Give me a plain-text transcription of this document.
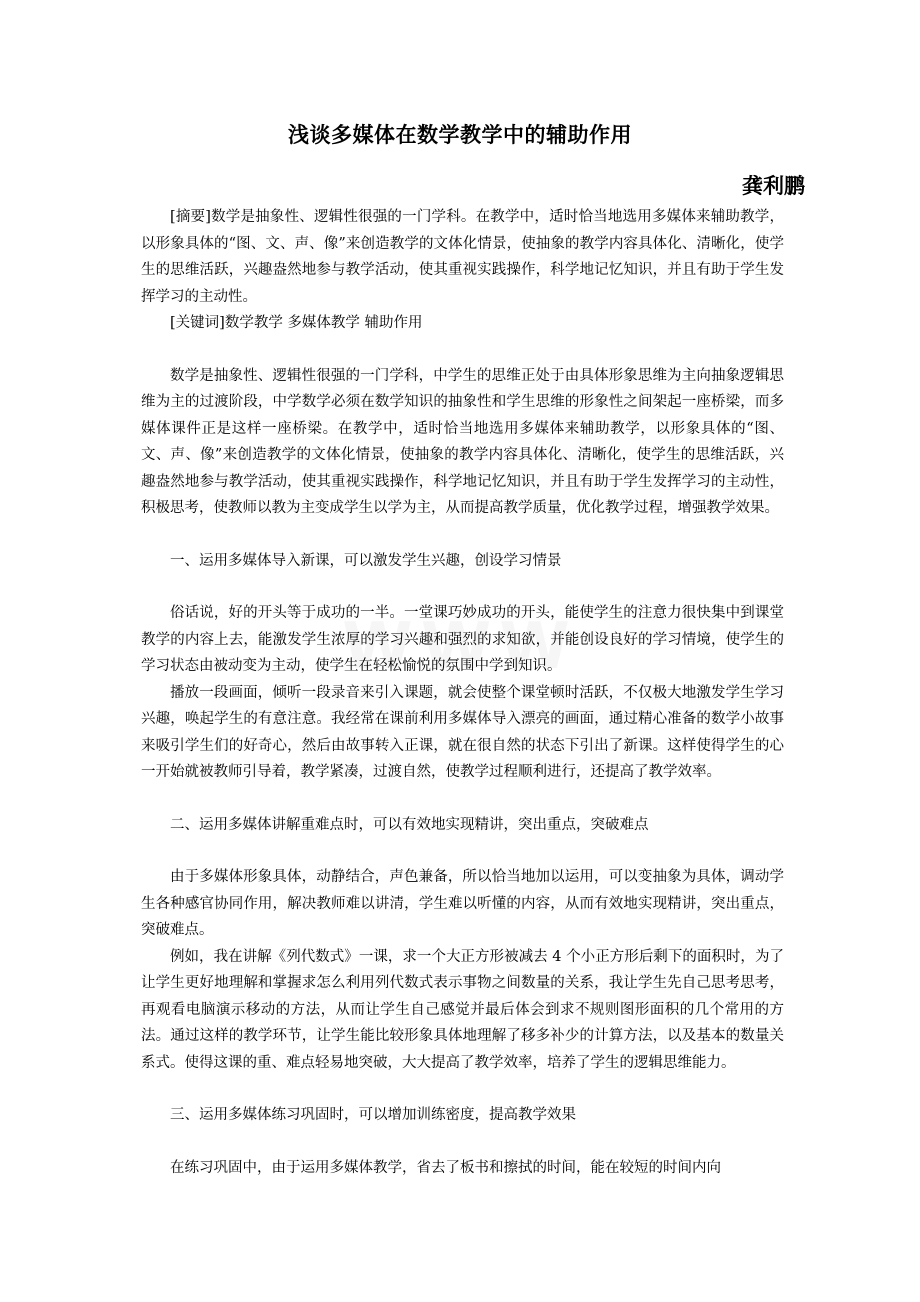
浅谈多媒体在数学教学中的辅助作用
龚利鹏

[摘要]数学是抽象性、逻辑性很强的一门学科。在教学中，适时恰当地选用多媒体来辅助教学，以形象具体的“图、文、声、像”来创造教学的文体化情景，使抽象的教学内容具体化、清晰化，使学生的思维活跃，兴趣盎然地参与教学活动，使其重视实践操作，科学地记忆知识，并且有助于学生发挥学习的主动性。

[关键词]数学教学 多媒体教学 辅助作用

数学是抽象性、逻辑性很强的一门学科，中学生的思维正处于由具体形象思维为主向抽象逻辑思维为主的过渡阶段，中学数学必须在数学知识的抽象性和学生思维的形象性之间架起一座桥梁，而多媒体课件正是这样一座桥梁。在教学中，适时恰当地选用多媒体来辅助教学，以形象具体的“图、文、声、像”来创造教学的文体化情景，使抽象的教学内容具体化、清晰化，使学生的思维活跃，兴趣盎然地参与教学活动，使其重视实践操作，科学地记忆知识，并且有助于学生发挥学习的主动性，积极思考，使教师以教为主变成学生以学为主，从而提高教学质量，优化教学过程，增强教学效果。

一、运用多媒体导入新课，可以激发学生兴趣，创设学习情景

俗话说，好的开头等于成功的一半。一堂课巧妙成功的开头，能使学生的注意力很快集中到课堂教学的内容上去，能激发学生浓厚的学习兴趣和强烈的求知欲，并能创设良好的学习情境，使学生的学习状态由被动变为主动，使学生在轻松愉悦的氛围中学到知识。

播放一段画面，倾听一段录音来引入课题，就会使整个课堂顿时活跃，不仅极大地激发学生学习兴趣，唤起学生的有意注意。我经常在课前利用多媒体导入漂亮的画面，通过精心准备的数学小故事来吸引学生们的好奇心，然后由故事转入正课，就在很自然的状态下引出了新课。这样使得学生的心一开始就被教师引导着，教学紧凑，过渡自然，使教学过程顺利进行，还提高了教学效率。

二、运用多媒体讲解重难点时，可以有效地实现精讲，突出重点，突破难点

由于多媒体形象具体，动静结合，声色兼备，所以恰当地加以运用，可以变抽象为具体，调动学生各种感官协同作用，解决教师难以讲清，学生难以听懂的内容，从而有效地实现精讲，突出重点，突破难点。

例如，我在讲解《列代数式》一课，求一个大正方形被减去 4 个小正方形后剩下的面积时，为了让学生更好地理解和掌握求怎么利用列代数式表示事物之间数量的关系，我让学生先自己思考思考，再观看电脑演示移动的方法，从而让学生自己感觉并最后体会到求不规则图形面积的几个常用的方法。通过这样的教学环节，让学生能比较形象具体地理解了移多补少的计算方法，以及基本的数量关系式。使得这课的重、难点轻易地突破，大大提高了教学效率，培养了学生的逻辑思维能力。

三、运用多媒体练习巩固时，可以增加训练密度，提高教学效果

在练习巩固中，由于运用多媒体教学，省去了板书和擦拭的时间，能在较短的时间内向
